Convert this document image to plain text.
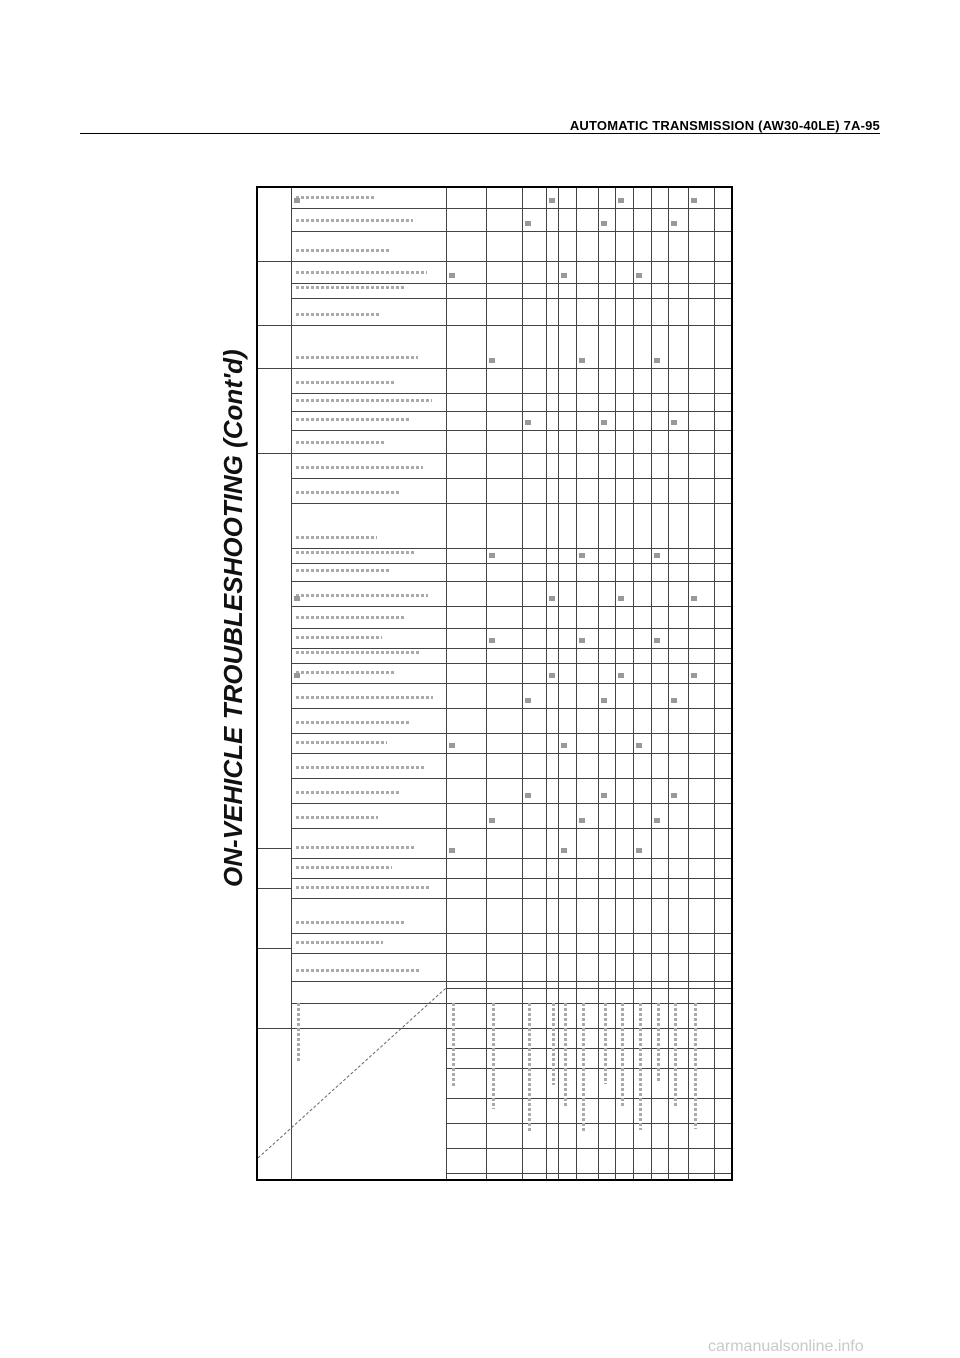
AUTOMATIC TRANSMISSION (AW30-40LE) 7A-95
ON-VEHICLE TROUBLESHOOTING (Cont'd)
carmanualsonline.info
